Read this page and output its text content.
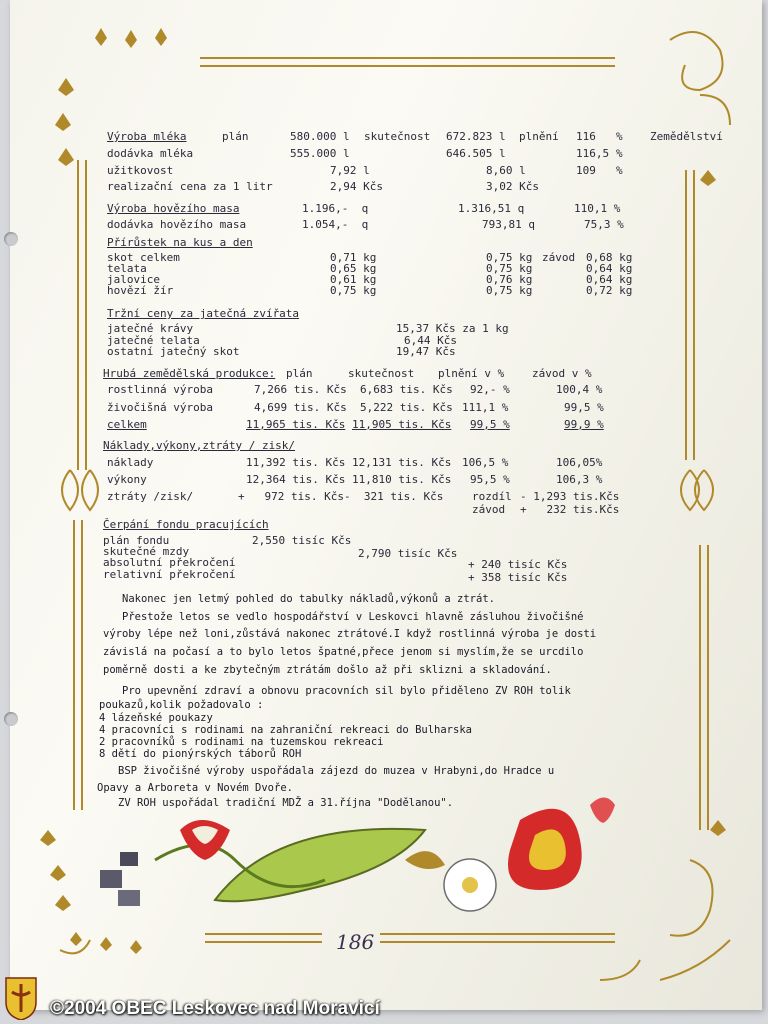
Zemědělství
Výroba mléka	plán	580.000 l skutečnost 672.823 l plnění 116 %
dodávka mléka	555.000 l	646.505 l	116,5 %
užitkovost	7,92 l	8,60 l	109 %
realizační cena za 1 litr	2,94 Kčs	3,02 Kčs
Výroba hovězího masa	1.196,-  q	1.316,51 q	110,1 %
dodávka hovězího masa	1.054,-  q	793,81 q	75,3 %
Přírůstek na kus a den
skot celkem	0,71 kg	0,75 kg závod 0,68 kg
telata	0,65 kg	0,75 kg	0,64 kg
jalovice	0,61 kg	0,76 kg	0,64 kg
hovězí žír	0,75 kg	0,75 kg	0,72 kg
Tržní ceny za jatečná zvířata
jatečné krávy	15,37 Kčs za 1 kg
jatečné telata	6,44 Kčs
ostatní jatečný skot	19,47 Kčs
Hrubá zemědělská produkce: plán	skutečnost plnění v %	závod v %
rostlinná výroba	7,266 tis. Kčs 6,683 tis. Kčs 92,- %	100,4 %
živočišná výroba	4,699 tis. Kčs 5,222 tis. Kčs 111,1 %	99,5 %
celkem	11,965 tis. Kčs 11,905 tis. Kčs 99,5 %	99,9 %
Náklady,výkony,ztráty / zisk/
náklady	11,392 tis. Kčs 12,131 tis. Kčs 106,5 %	106,05%
výkony	12,364 tis. Kčs 11,810 tis. Kčs 95,5 %	106,3 %
ztráty /zisk/	+   972 tis. Kčs -  321 tis. Kčs	rozdíl - 1,293 tis.Kčs
závod +   232 tis.Kčs
Čerpání fondu pracujících
plán fondu	2,550 tisíc Kčs
skutečné mzdy	2,790 tisíc Kčs
absolutní překročení	+ 240 tisíc Kčs
relativní překročení	+ 358 tisíc Kčs
Nakonec jen letmý pohled do tabulky nákladů,výkonů a ztrát.
Přestože letos se vedlo hospodářství v Leskovci hlavně zásluhou živočišné
výroby lépe než loni,zůstává nakonec ztrátové.I když rostlinná výroba je dosti
závislá na počasí a to bylo letos špatné,přece jenom si myslím,že se urcdilo
poměrně dosti a ke zbytečným ztrátám došlo až při sklizni a skladování.
Pro upevnění zdraví a obnovu pracovních sil bylo přiděleno ZV ROH tolik
poukazů,kolik požadovalo :
4 lázeňské poukazy
4 pracovníci s rodinami na zahraniční rekreaci do Bulharska
2 pracovníků s rodinami na tuzemskou rekreaci
8 dětí do pionýrských táborů ROH
BSP živočišné výroby uspořádala zájezd do muzea v Hrabyni,do Hradce u
Opavy a Arboreta v Novém Dvoře.
ZV ROH uspořádal tradiční MDŽ a 31.října "Dodělanou".
186
©2004 OBEC Leskovec nad Moravicí
